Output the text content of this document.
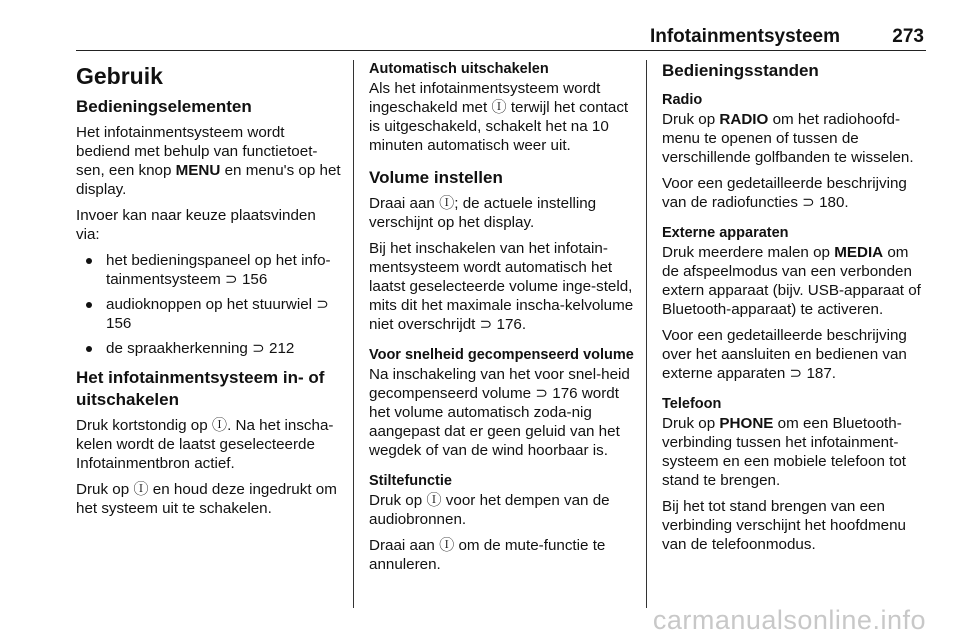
Infotainmentsysteem	273
Gebruik
Bedieningselementen

Het infotainmentsysteem wordt bediend met behulp van functietoet-sen, een knop MENU en menu's op het display.

Invoer kan naar keuze plaatsvinden via:

het bedieningspaneel op het info-tainmentsysteem ⊃ 156
audioknoppen op het stuurwiel ⊃ 156
de spraakherkenning ⊃ 212
Het infotainmentsysteem in- of uitschakelen

Druk kortstondig op Ⓘ. Na het inscha-kelen wordt de laatst geselecteerde Infotainmentbron actief.

Druk op Ⓘ en houd deze ingedrukt om het systeem uit te schakelen.

Automatisch uitschakelen

Als het infotainmentsysteem wordt ingeschakeld met Ⓘ terwijl het contact is uitgeschakeld, schakelt het na 10 minuten automatisch weer uit.

Volume instellen

Draai aan Ⓘ; de actuele instelling verschijnt op het display.

Bij het inschakelen van het infotain-mentsysteem wordt automatisch het laatst geselecteerde volume inge-steld, mits dit het maximale inscha-kelvolume niet overschrijdt ⊃ 176.

Voor snelheid gecompenseerd volume

Na inschakeling van het voor snel-heid gecompenseerd volume ⊃ 176 wordt het volume automatisch zoda-nig aangepast dat er geen geluid van het wegdek of van de wind hoorbaar is.

Stiltefunctie

Druk op Ⓘ voor het dempen van de audiobronnen.

Draai aan Ⓘ om de mute-functie te annuleren.

Bedieningsstanden
Radio

Druk op RADIO om het radiohoofd-menu te openen of tussen de verschillende golfbanden te wisselen.

Voor een gedetailleerde beschrijving van de radiofuncties ⊃ 180.

Externe apparaten

Druk meerdere malen op MEDIA om de afspeelmodus van een verbonden extern apparaat (bijv. USB-apparaat of Bluetooth-apparaat) te activeren.

Voor een gedetailleerde beschrijving over het aansluiten en bedienen van externe apparaten ⊃ 187.

Telefoon

Druk op PHONE om een Bluetooth-verbinding tussen het infotainment-systeem en een mobiele telefoon tot stand te brengen.

Bij het tot stand brengen van een verbinding verschijnt het hoofdmenu van de telefoonmodus.

carmanualsonline.info
